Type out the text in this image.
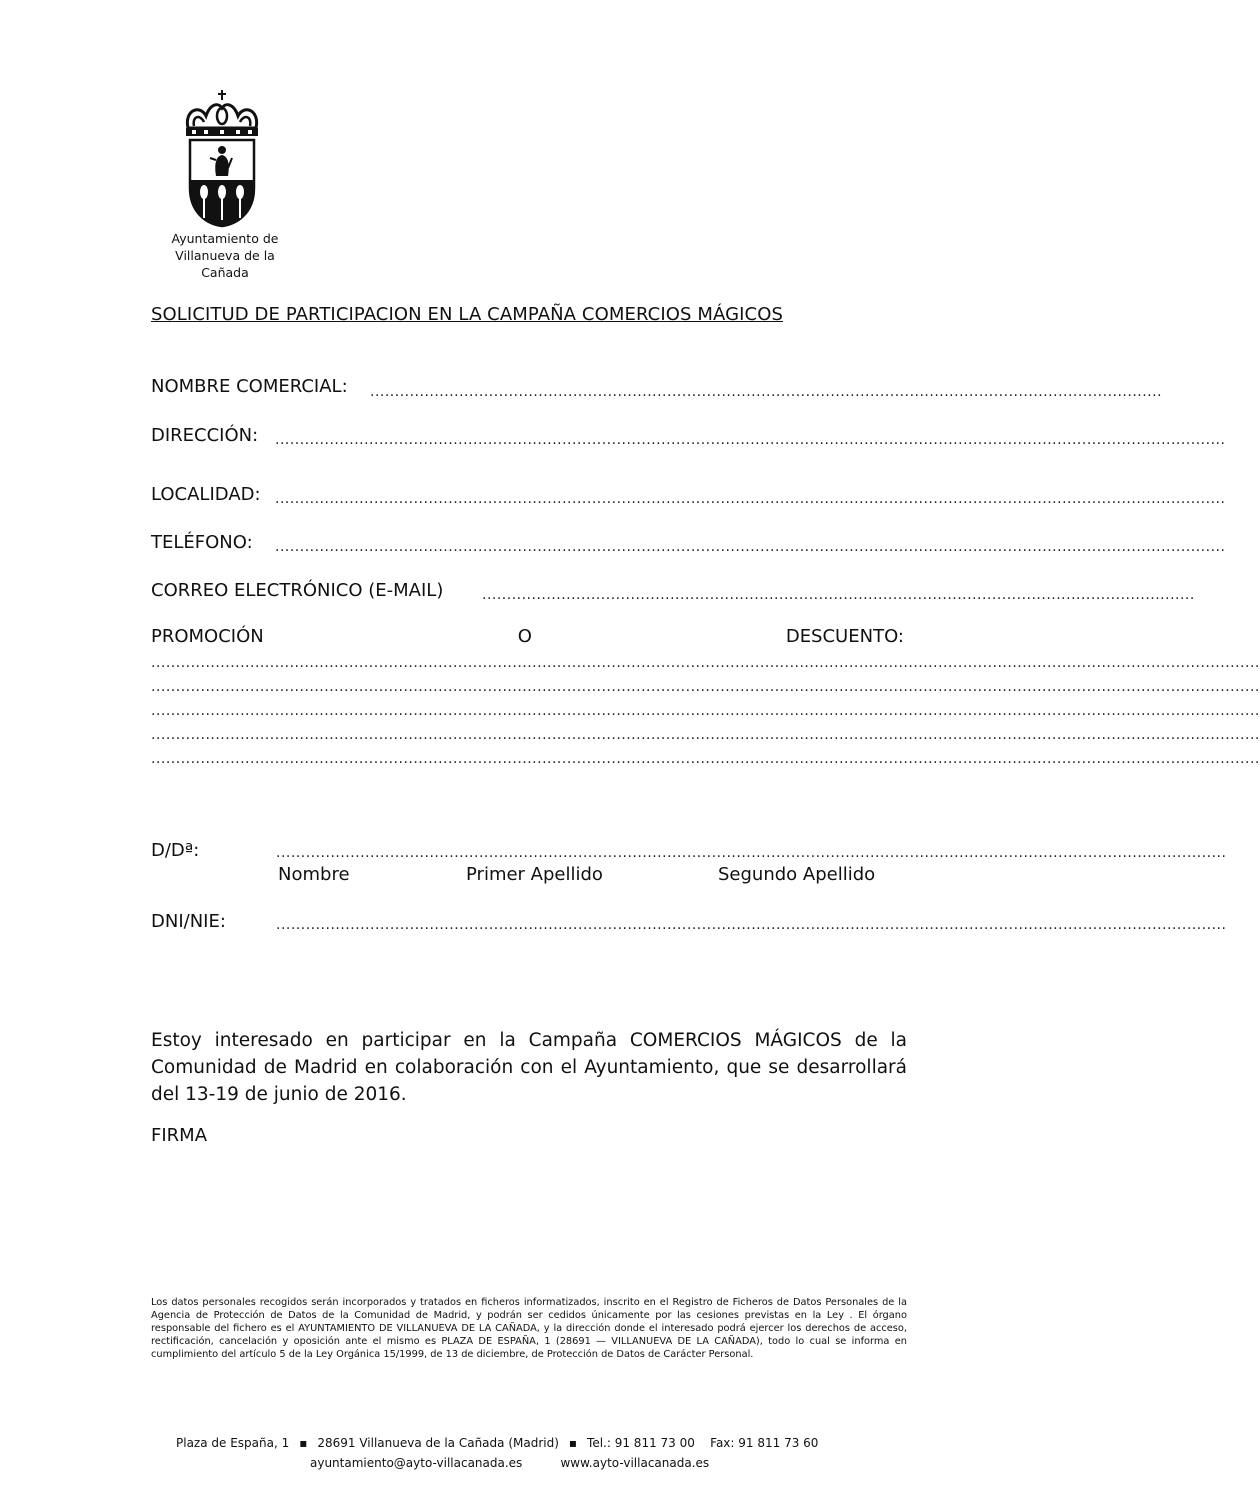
Ayuntamiento de
Villanueva de la Cañada
SOLICITUD DE PARTICIPACION EN LA CAMPAÑA COMERCIOS MÁGICOS
NOMBRE COMERCIAL: ................................................................................................................................................................
DIRECCIÓN: ................................................................................................................................................................................................
LOCALIDAD: ................................................................................................................................................................................................
TELÉFONO: ................................................................................................................................................................................................
CORREO ELECTRÓNICO (E-MAIL)	................................................................................................................................................
PROMOCIÓN	O	DESCUENTO:
................................................................................................................................................................................................................................
................................................................................................................................................................................................................................
................................................................................................................................................................................................................................
................................................................................................................................................................................................................................
................................................................................................................................................................................................................................
D/Dª:	................................................................................................................................................................................................
Nombre	Primer Apellido	Segundo Apellido
DNI/NIE:	................................................................................................................................................................................................
Estoy interesado en participar en la Campaña COMERCIOS MÁGICOS de la Comunidad de Madrid en colaboración con el Ayuntamiento, que se desarrollará del 13-19 de junio de 2016.
FIRMA
Los datos personales recogidos serán incorporados y tratados en ficheros informatizados, inscrito en el Registro de Ficheros de Datos Personales de la Agencia de Protección de Datos de la Comunidad de Madrid, y podrán ser cedidos únicamente por las cesiones previstas en la Ley . El órgano responsable del fichero es el AYUNTAMIENTO DE VILLANUEVA DE LA CAÑADA, y la dirección donde el interesado podrá ejercer los derechos de acceso, rectificación, cancelación y oposición ante el mismo es PLAZA DE ESPAÑA, 1 (28691 — VILLANUEVA DE LA CAÑADA), todo lo cual se informa en cumplimiento del artículo 5 de la Ley Orgánica 15/1999, de 13 de diciembre, de Protección de Datos de Carácter Personal.
Plaza de España, 1 ▪ 28691 Villanueva de la Cañada (Madrid) ▪ Tel.: 91 811 73 00 Fax: 91 811 73 60
ayuntamiento@ayto-villacanada.es	www.ayto-villacanada.es
